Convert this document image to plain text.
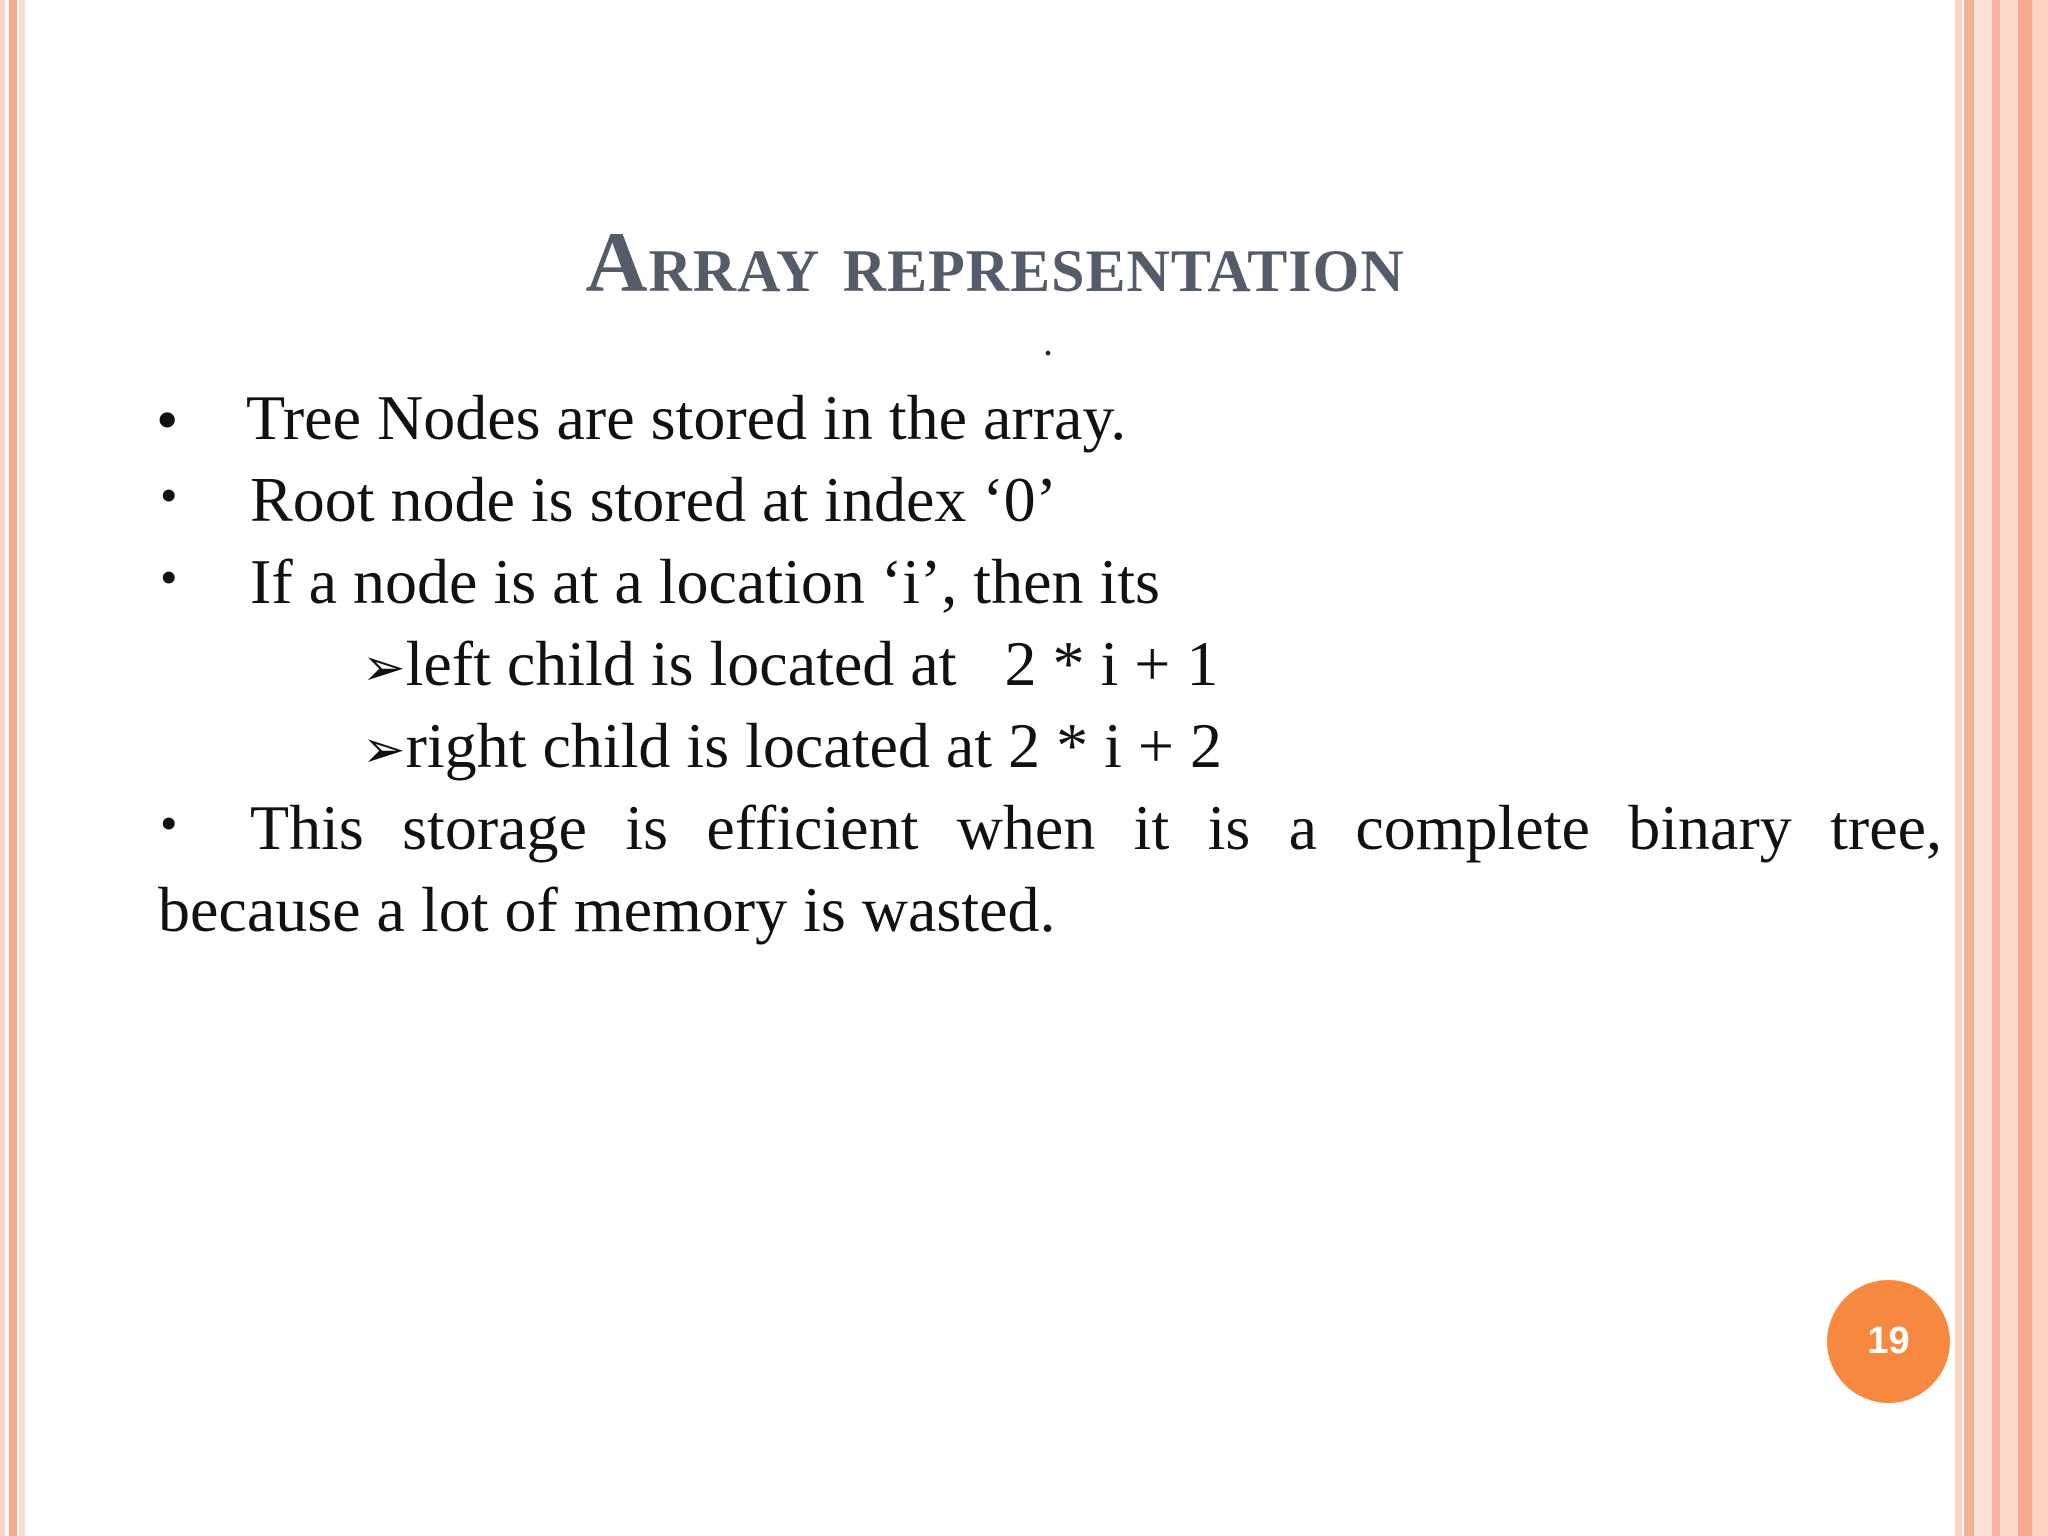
Array representation
.
• Tree Nodes are stored in the array.
• Root node is stored at index ‘0’
• If a node is at a location ‘i’, then its
➢left child is located at   2 * i + 1
➢right child is located at 2 * i + 2
• This storage is efficient when it is a complete binary tree,
because a lot of memory is wasted.
19
